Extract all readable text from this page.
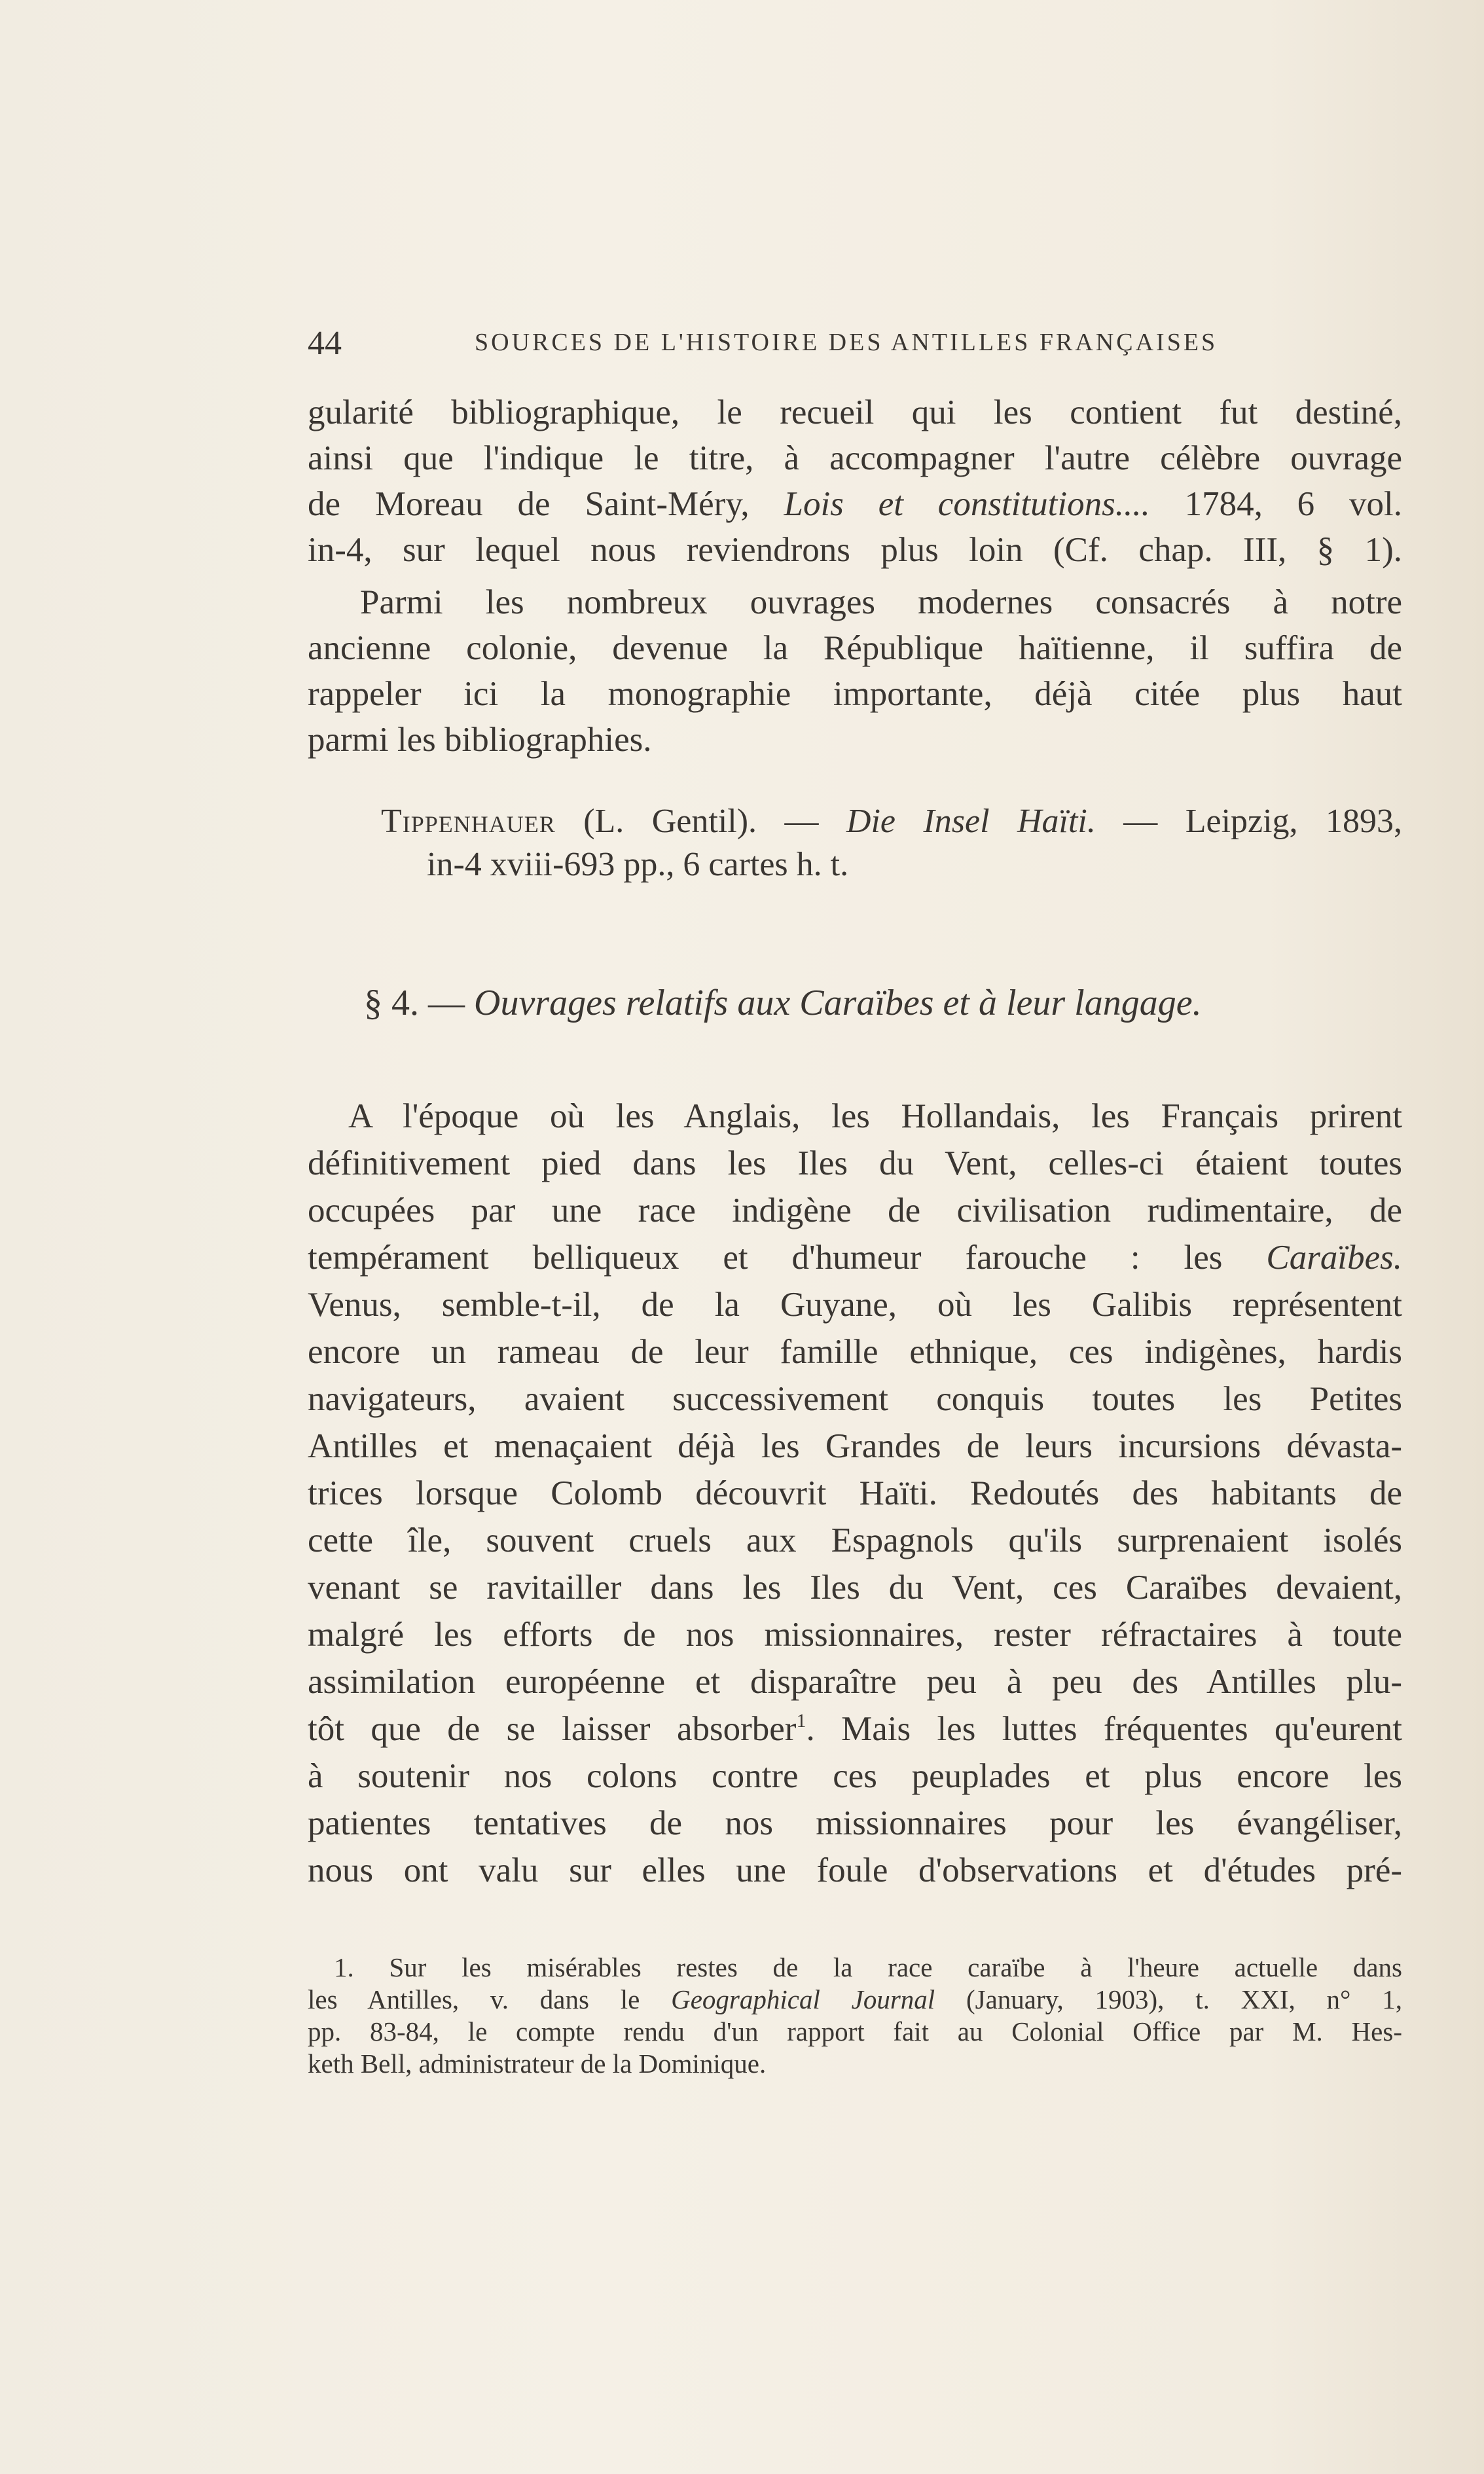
44	SOURCES DE L'HISTOIRE DES ANTILLES FRANÇAISES
gularité bibliographique, le recueil qui les contient fut destiné,
ainsi que l'indique le titre, à accompagner l'autre célèbre ouvrage
de Moreau de Saint-Méry, Lois et constitutions.... 1784, 6 vol.
in-4, sur lequel nous reviendrons plus loin (Cf. chap. III, § 1).
Parmi les nombreux ouvrages modernes consacrés à notre
ancienne colonie, devenue la République haïtienne, il suffira de
rappeler ici la monographie importante, déjà citée plus haut
parmi les bibliographies.
Tippenhauer (L. Gentil). — Die Insel Haïti. — Leipzig, 1893,
in-4 xviii-693 pp., 6 cartes h. t.
§ 4. — Ouvrages relatifs aux Caraïbes et à leur langage.
A l'époque où les Anglais, les Hollandais, les Français prirent
définitivement pied dans les Iles du Vent, celles-ci étaient toutes
occupées par une race indigène de civilisation rudimentaire, de
tempérament belliqueux et d'humeur farouche : les Caraïbes.
Venus, semble-t-il, de la Guyane, où les Galibis représentent
encore un rameau de leur famille ethnique, ces indigènes, hardis
navigateurs, avaient successivement conquis toutes les Petites
Antilles et menaçaient déjà les Grandes de leurs incursions dévasta-
trices lorsque Colomb découvrit Haïti. Redoutés des habitants de
cette île, souvent cruels aux Espagnols qu'ils surprenaient isolés
venant se ravitailler dans les Iles du Vent, ces Caraïbes devaient,
malgré les efforts de nos missionnaires, rester réfractaires à toute
assimilation européenne et disparaître peu à peu des Antilles plu-
tôt que de se laisser absorber$^1$. Mais les luttes fréquentes qu'eurent
à soutenir nos colons contre ces peuplades et plus encore les
patientes tentatives de nos missionnaires pour les évangéliser,
nous ont valu sur elles une foule d'observations et d'études pré-
1. Sur les misérables restes de la race caraïbe à l'heure actuelle dans
les Antilles, v. dans le Geographical Journal (January, 1903), t. XXI, n° 1,
pp. 83-84, le compte rendu d'un rapport fait au Colonial Office par M. Hes-
keth Bell, administrateur de la Dominique.
